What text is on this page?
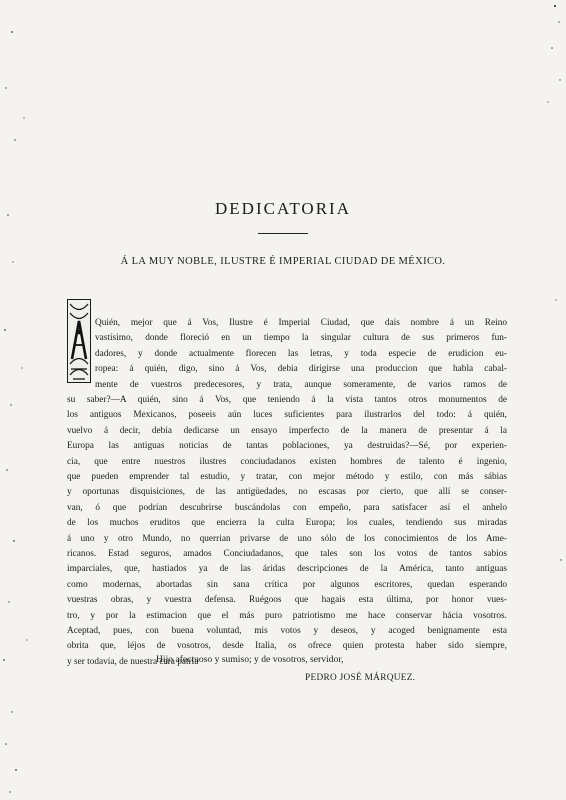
DEDICATORIA
Á LA MUY NOBLE, ILUSTRE É IMPERIAL CIUDAD DE MÉXICO.
Quién, mejor que á Vos, Ilustre é Imperial Ciudad, que dais nombre á un Reino
vastísimo, donde floreció en un tiempo la singular cultura de sus primeros fun-
dadores, y donde actualmente florecen las letras, y toda especie de erudicion eu-
ropea: á quién, digo, sino á Vos, debia dirigirse una produccion que habla cabal-
mente de vuestros predecesores, y trata, aunque someramente, de varios ramos de
su saber?—A quién, sino á Vos, que teniendo á la vista tantos otros monumentos de
los antiguos Mexicanos, poseeis aún luces suficientes para ilustrarlos del todo: á quién,
vuelvo á decir, debía dedicarse un ensayo imperfecto de la manera de presentar á la
Europa las antiguas noticias de tantas poblaciones, ya destruidas?—Sé, por experien-
cia, que entre nuestros ilustres conciudadanos existen hombres de talento é ingenio,
que pueden emprender tal estudio, y tratar, con mejor método y estilo, con más sábias
y oportunas disquisiciones, de las antigüedades, no escasas por cierto, que allí se conser-
van, ó que podrían descubrirse buscándolas con empeño, para satisfacer así el anhelo
de los muchos eruditos que encierra la culta Europa; los cuales, tendiendo sus miradas
á uno y otro Mundo, no querrian privarse de uno sólo de los conocimientos de los Ame-
ricanos. Estad seguros, amados Conciudadanos, que tales son los votos de tantos sabios
imparciales, que, hastiados ya de las áridas descripciones de la América, tanto antiguas
como modernas, abortadas sin sana crítica por algunos escritores, quedan esperando
vuestras obras, y vuestra defensa. Ruégoos que hagais esta última, por honor vues-
tro, y por la estimacion que el más puro patriotismo me hace conservar hácia vosotros.
Aceptad, pues, con buena voluntad, mis votos y deseos, y acoged benignamente esta
obrita que, léjos de vosotros, desde Italia, os ofrece quien protesta haber sido siempre,
y ser todavía, de nuestra cara patria
Hijo afectuoso y sumiso; y de vosotros, servidor,
PEDRO JOSÉ MÁRQUEZ.
